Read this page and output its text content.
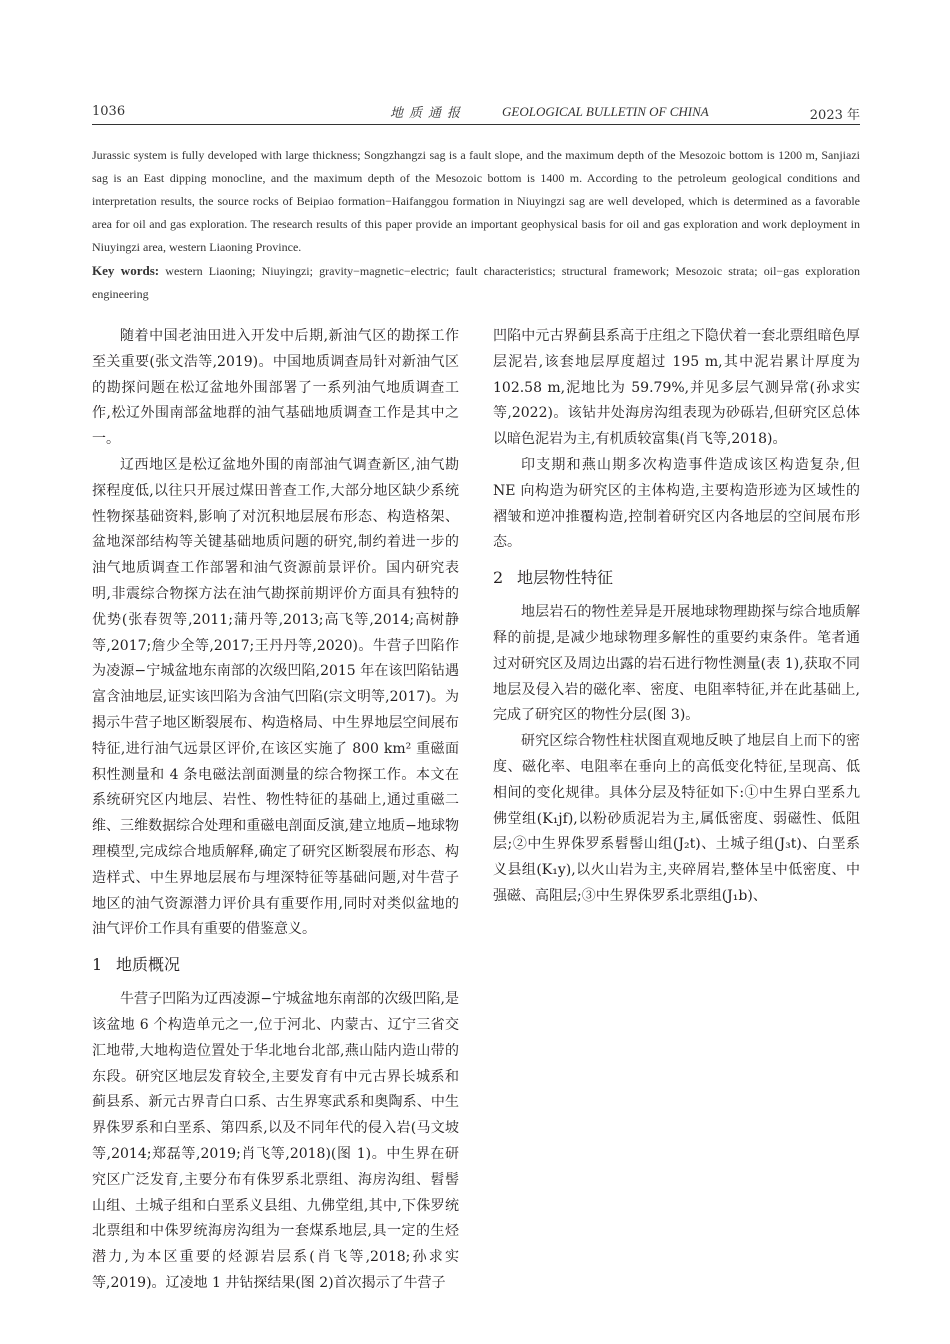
1036	地质通报	GEOLOGICAL BULLETIN OF CHINA	2023 年
Jurassic system is fully developed with large thickness; Songzhangzi sag is a fault slope, and the maximum depth of the Mesozoic bottom is 1200 m, Sanjiazi sag is an East dipping monocline, and the maximum depth of the Mesozoic bottom is 1400 m. According to the petroleum geological conditions and interpretation results, the source rocks of Beipiao formation−Haifanggou formation in Niuyingzi sag are well developed, which is determined as a favorable area for oil and gas exploration. The research results of this paper provide an important geophysical basis for oil and gas exploration and work deployment in Niuyingzi area, western Liaoning Province.
Key words: western Liaoning; Niuyingzi; gravity−magnetic−electric; fault characteristics; structural framework; Mesozoic strata; oil−gas exploration engineering

随着中国老油田进入开发中后期,新油气区的勘探工作至关重要(张文浩等,2019)。中国地质调查局针对新油气区的勘探问题在松辽盆地外围部署了一系列油气地质调查工作,松辽外围南部盆地群的油气基础地质调查工作是其中之一。

辽西地区是松辽盆地外围的南部油气调查新区,油气勘探程度低,以往只开展过煤田普查工作,大部分地区缺少系统性物探基础资料,影响了对沉积地层展布形态、构造格架、盆地深部结构等关键基础地质问题的研究,制约着进一步的油气地质调查工作部署和油气资源前景评价。国内研究表明,非震综合物探方法在油气勘探前期评价方面具有独特的优势(张春贺等,2011;蒲丹等,2013;高飞等,2014;高树静等,2017;詹少全等,2017;王丹丹等,2020)。牛营子凹陷作为凌源−宁城盆地东南部的次级凹陷,2015 年在该凹陷钻遇富含油地层,证实该凹陷为含油气凹陷(宗文明等,2017)。为揭示牛营子地区断裂展布、构造格局、中生界地层空间展布特征,进行油气远景区评价,在该区实施了 800 km² 重磁面积性测量和 4 条电磁法剖面测量的综合物探工作。本文在系统研究区内地层、岩性、物性特征的基础上,通过重磁二维、三维数据综合处理和重磁电剖面反演,建立地质−地球物理模型,完成综合地质解释,确定了研究区断裂展布形态、构造样式、中生界地层展布与埋深特征等基础问题,对牛营子地区的油气资源潜力评价具有重要作用,同时对类似盆地的油气评价工作具有重要的借鉴意义。

1 地质概况

牛营子凹陷为辽西凌源−宁城盆地东南部的次级凹陷,是该盆地 6 个构造单元之一,位于河北、内蒙古、辽宁三省交汇地带,大地构造位置处于华北地台北部,燕山陆内造山带的东段。研究区地层发育较全,主要发育有中元古界长城系和蓟县系、新元古界青白口系、古生界寒武系和奥陶系、中生界侏罗系和白垩系、第四系,以及不同年代的侵入岩(马文坡等,2014;郑磊等,2019;肖飞等,2018)(图 1)。中生界在研究区广泛发育,主要分布有侏罗系北票组、海房沟组、髫髻山组、土城子组和白垩系义县组、九佛堂组,其中,下侏罗统北票组和中侏罗统海房沟组为一套煤系地层,具一定的生烃潜力,为本区重要的烃源岩层系(肖飞等,2018;孙求实等,2019)。辽凌地 1 井钻探结果(图 2)首次揭示了牛营子

凹陷中元古界蓟县系高于庄组之下隐伏着一套北票组暗色厚层泥岩,该套地层厚度超过 195 m,其中泥岩累计厚度为 102.58 m,泥地比为 59.79%,并见多层气测异常(孙求实等,2022)。该钻井处海房沟组表现为砂砾岩,但研究区总体以暗色泥岩为主,有机质较富集(肖飞等,2018)。

印支期和燕山期多次构造事件造成该区构造复杂,但 NE 向构造为研究区的主体构造,主要构造形迹为区域性的褶皱和逆冲推覆构造,控制着研究区内各地层的空间展布形态。

2 地层物性特征

地层岩石的物性差异是开展地球物理勘探与综合地质解释的前提,是减少地球物理多解性的重要约束条件。笔者通过对研究区及周边出露的岩石进行物性测量(表 1),获取不同地层及侵入岩的磁化率、密度、电阻率特征,并在此基础上,完成了研究区的物性分层(图 3)。

研究区综合物性柱状图直观地反映了地层自上而下的密度、磁化率、电阻率在垂向上的高低变化特征,呈现高、低相间的变化规律。具体分层及特征如下:①中生界白垩系九佛堂组(K₁jf),以粉砂质泥岩为主,属低密度、弱磁性、低阻层;②中生界侏罗系髫髻山组(J₂t)、土城子组(J₃t)、白垩系义县组(K₁y),以火山岩为主,夹碎屑岩,整体呈中低密度、中强磁、高阻层;③中生界侏罗系北票组(J₁b)、
